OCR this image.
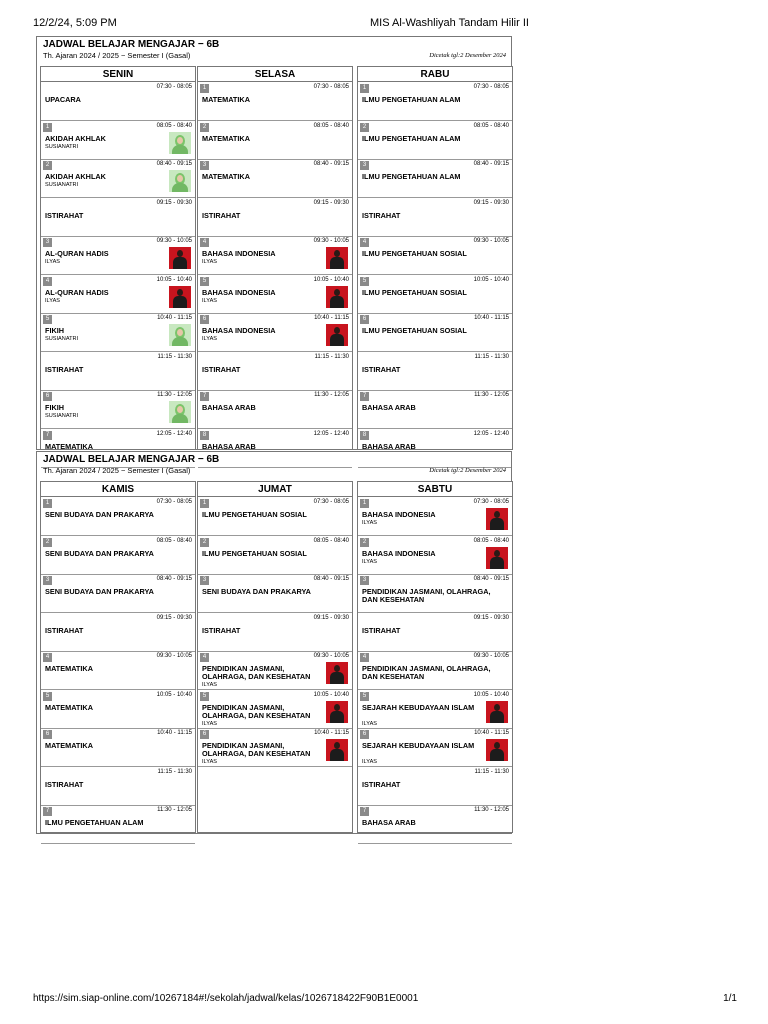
12/2/24, 5:09 PM	MIS Al-Washliyah Tandam Hilir II
JADWAL BELAJAR MENGAJAR − 6B
Th. Ajaran 2024 / 2025 − Semester I (Gasal)	Dicetak tgl:2 Desember 2024
SENIN
07:30 - 08:05
UPACARA
1	08:05 - 08:40
AKIDAH AKHLAK
SUSIANATRI
2	08:40 - 09:15
AKIDAH AKHLAK
SUSIANATRI
09:15 - 09:30
ISTIRAHAT
3	09:30 - 10:05
AL-QURAN HADIS
ILYAS
4	10:05 - 10:40
AL-QURAN HADIS
ILYAS
5	10:40 - 11:15
FIKIH
SUSIANATRI
11:15 - 11:30
ISTIRAHAT
6	11:30 - 12:05
FIKIH
SUSIANATRI
7	12:05 - 12:40
MATEMATIKA
SELASA
1	07:30 - 08:05
MATEMATIKA
2	08:05 - 08:40
MATEMATIKA
3	08:40 - 09:15
MATEMATIKA
09:15 - 09:30
ISTIRAHAT
4	09:30 - 10:05
BAHASA INDONESIA
ILYAS
5	10:05 - 10:40
BAHASA INDONESIA
ILYAS
6	10:40 - 11:15
BAHASA INDONESIA
ILYAS
11:15 - 11:30
ISTIRAHAT
7	11:30 - 12:05
BAHASA ARAB
8	12:05 - 12:40
BAHASA ARAB
RABU
1	07:30 - 08:05
ILMU PENGETAHUAN ALAM
2	08:05 - 08:40
ILMU PENGETAHUAN ALAM
3	08:40 - 09:15
ILMU PENGETAHUAN ALAM
09:15 - 09:30
ISTIRAHAT
4	09:30 - 10:05
ILMU PENGETAHUAN SOSIAL
5	10:05 - 10:40
ILMU PENGETAHUAN SOSIAL
6	10:40 - 11:15
ILMU PENGETAHUAN SOSIAL
11:15 - 11:30
ISTIRAHAT
7	11:30 - 12:05
BAHASA ARAB
8	12:05 - 12:40
BAHASA ARAB
JADWAL BELAJAR MENGAJAR − 6B
Th. Ajaran 2024 / 2025 − Semester I (Gasal)	Dicetak tgl:2 Desember 2024
KAMIS
1	07:30 - 08:05
SENI BUDAYA DAN PRAKARYA
2	08:05 - 08:40
SENI BUDAYA DAN PRAKARYA
3	08:40 - 09:15
SENI BUDAYA DAN PRAKARYA
09:15 - 09:30
ISTIRAHAT
4	09:30 - 10:05
MATEMATIKA
5	10:05 - 10:40
MATEMATIKA
6	10:40 - 11:15
MATEMATIKA
11:15 - 11:30
ISTIRAHAT
7	11:30 - 12:05
ILMU PENGETAHUAN ALAM
JUMAT
1	07:30 - 08:05
ILMU PENGETAHUAN SOSIAL
2	08:05 - 08:40
ILMU PENGETAHUAN SOSIAL
3	08:40 - 09:15
SENI BUDAYA DAN PRAKARYA
09:15 - 09:30
ISTIRAHAT
4	09:30 - 10:05
PENDIDIKAN JASMANI, OLAHRAGA, DAN KESEHATAN
ILYAS
5	10:05 - 10:40
PENDIDIKAN JASMANI, OLAHRAGA, DAN KESEHATAN
ILYAS
6	10:40 - 11:15
PENDIDIKAN JASMANI, OLAHRAGA, DAN KESEHATAN
ILYAS
SABTU
1	07:30 - 08:05
BAHASA INDONESIA
ILYAS
2	08:05 - 08:40
BAHASA INDONESIA
ILYAS
3	08:40 - 09:15
PENDIDIKAN JASMANI, OLAHRAGA, DAN KESEHATAN
09:15 - 09:30
ISTIRAHAT
4	09:30 - 10:05
PENDIDIKAN JASMANI, OLAHRAGA, DAN KESEHATAN
5	10:05 - 10:40
SEJARAH KEBUDAYAAN ISLAM
ILYAS
6	10:40 - 11:15
SEJARAH KEBUDAYAAN ISLAM
ILYAS
11:15 - 11:30
ISTIRAHAT
7	11:30 - 12:05
BAHASA ARAB
https://sim.siap-online.com/10267184#!/sekolah/jadwal/kelas/1026718422F90B1E0001	1/1
